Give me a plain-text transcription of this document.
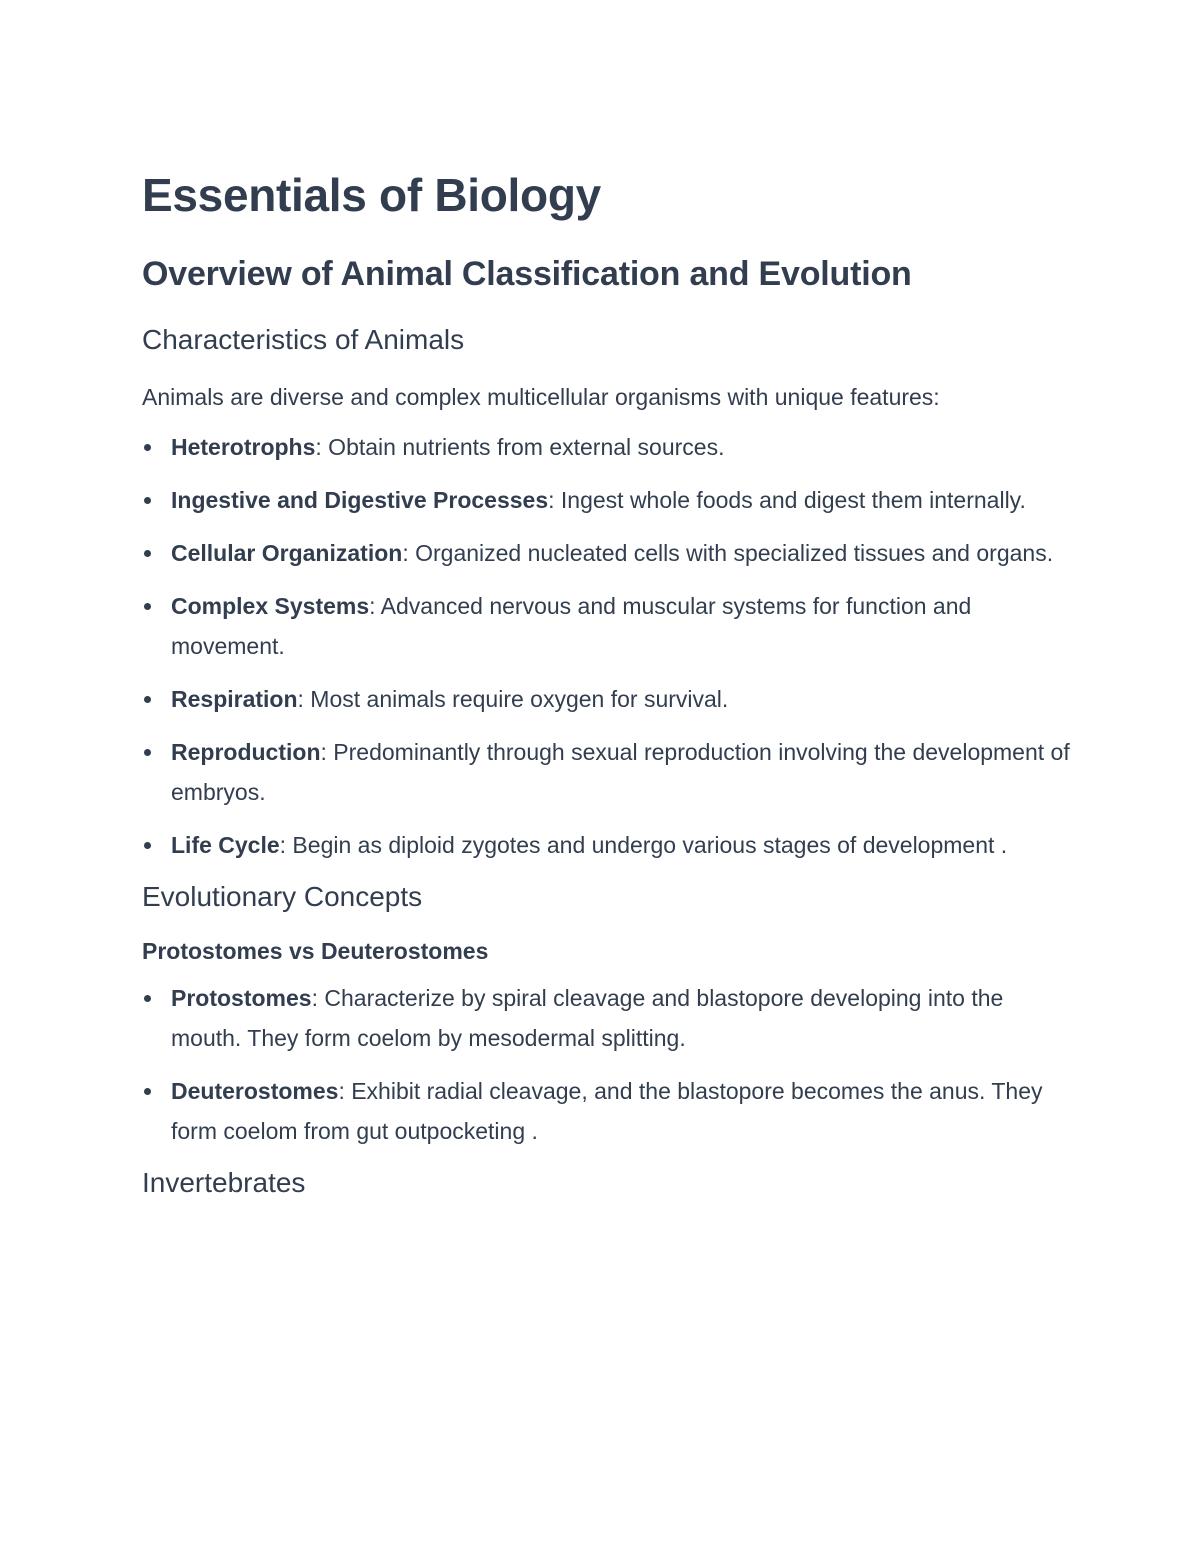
Essentials of Biology
Overview of Animal Classification and Evolution
Characteristics of Animals

Animals are diverse and complex multicellular organisms with unique features:

Heterotrophs: Obtain nutrients from external sources.
Ingestive and Digestive Processes: Ingest whole foods and digest them internally.
Cellular Organization: Organized nucleated cells with specialized tissues and organs.
Complex Systems: Advanced nervous and muscular systems for function and movement.
Respiration: Most animals require oxygen for survival.
Reproduction: Predominantly through sexual reproduction involving the development of embryos.
Life Cycle: Begin as diploid zygotes and undergo various stages of development .
Evolutionary Concepts
Protostomes vs Deuterostomes
Protostomes: Characterize by spiral cleavage and blastopore developing into the mouth. They form coelom by mesodermal splitting.
Deuterostomes: Exhibit radial cleavage, and the blastopore becomes the anus. They form coelom from gut outpocketing .
Invertebrates
